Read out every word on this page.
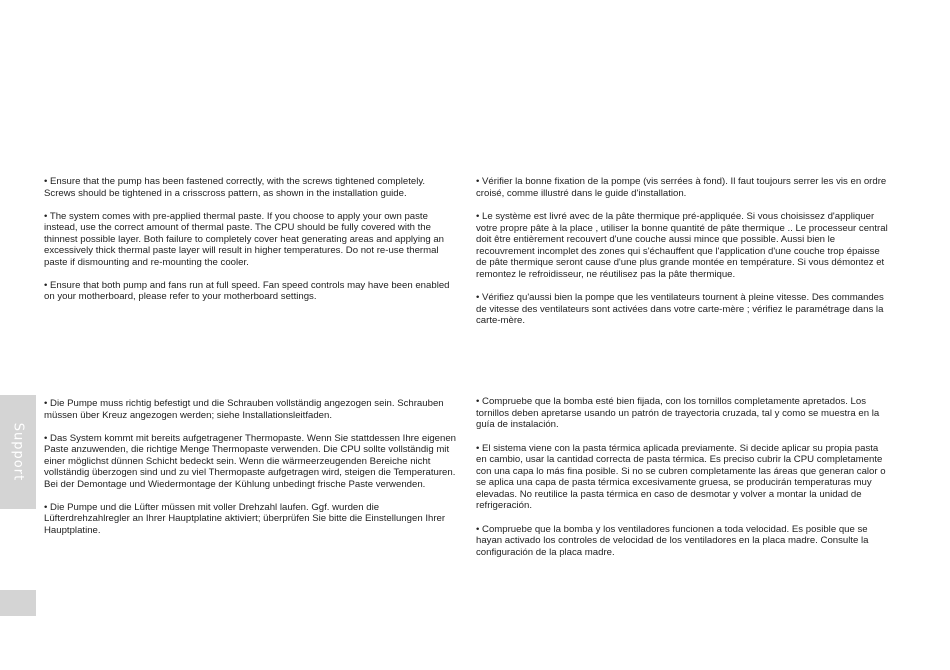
• Ensure that the pump has been fastened correctly, with the screws tightened completely. Screws should be tightened in a crisscross pattern, as shown in the installation guide.

• The system comes with pre-applied thermal paste. If you choose to apply your own paste instead, use the correct amount of thermal paste. The CPU should be fully covered with the thinnest possible layer. Both failure to completely cover heat generating areas and applying an excessively thick thermal paste layer will result in higher temperatures. Do not re-use thermal paste if dismounting and re-mounting the cooler.

• Ensure that both pump and fans run at full speed. Fan speed controls may have been enabled on your motherboard, please refer to your motherboard settings.

• Vérifier la bonne fixation de la pompe (vis serrées à fond). Il faut toujours serrer les vis en ordre croisé, comme illustré dans le guide d'installation.

• Le système est livré avec de la pâte thermique pré-appliquée. Si vous choisissez d'appliquer votre propre pâte à la place , utiliser la bonne quantité de pâte thermique .. Le processeur central doit être entièrement recouvert d'une couche aussi mince que possible. Aussi bien le recouvrement incomplet des zones qui s'échauffent que l'application d'une couche trop épaisse de pâte thermique seront cause d'une plus grande montée en température. Si vous démontez et remontez le refroidisseur, ne réutilisez pas la pâte thermique.

• Vérifiez qu'aussi bien la pompe que les ventilateurs tournent à pleine vitesse. Des commandes de vitesse des ventilateurs sont activées dans votre carte-mère ; vérifiez le paramétrage dans la carte-mère.

• Die Pumpe muss richtig befestigt und die Schrauben vollständig angezogen sein. Schrauben müssen über Kreuz angezogen werden; siehe Installationsleitfaden.

• Das System kommt mit bereits aufgetragener Thermopaste. Wenn Sie stattdessen Ihre eigenen Paste anzuwenden, die richtige Menge Thermopaste verwenden. Die CPU sollte vollständig mit einer möglichst dünnen Schicht bedeckt sein. Wenn die wärmeerzeugenden Bereiche nicht vollständig überzogen sind und zu viel Thermopaste aufgetragen wird, steigen die Temperaturen. Bei der Demontage und Wiedermontage der Kühlung unbedingt frische Paste verwenden.

• Die Pumpe und die Lüfter müssen mit voller Drehzahl laufen. Ggf. wurden die Lüfterdrehzahlregler an Ihrer Hauptplatine aktiviert; überprüfen Sie bitte die Einstellungen Ihrer Hauptplatine.

• Compruebe que la bomba esté bien fijada, con los tornillos completamente apretados. Los tornillos deben apretarse usando un patrón de trayectoria cruzada, tal y como se muestra en la guía de instalación.

• El sistema viene con la pasta térmica aplicada previamente. Si decide aplicar su propia pasta en cambio, usar la cantidad correcta de pasta térmica. Es preciso cubrir la CPU completamente con una capa lo más fina posible. Si no se cubren completamente las áreas que generan calor o se aplica una capa de pasta térmica excesivamente gruesa, se producirán temperaturas muy elevadas. No reutilice la pasta térmica en caso de desmotar y volver a montar la unidad de refrigeración.

• Compruebe que la bomba y los ventiladores funcionen a toda velocidad. Es posible que se hayan activado los controles de velocidad de los ventiladores en la placa madre. Consulte la configuración de la placa madre.

Support
